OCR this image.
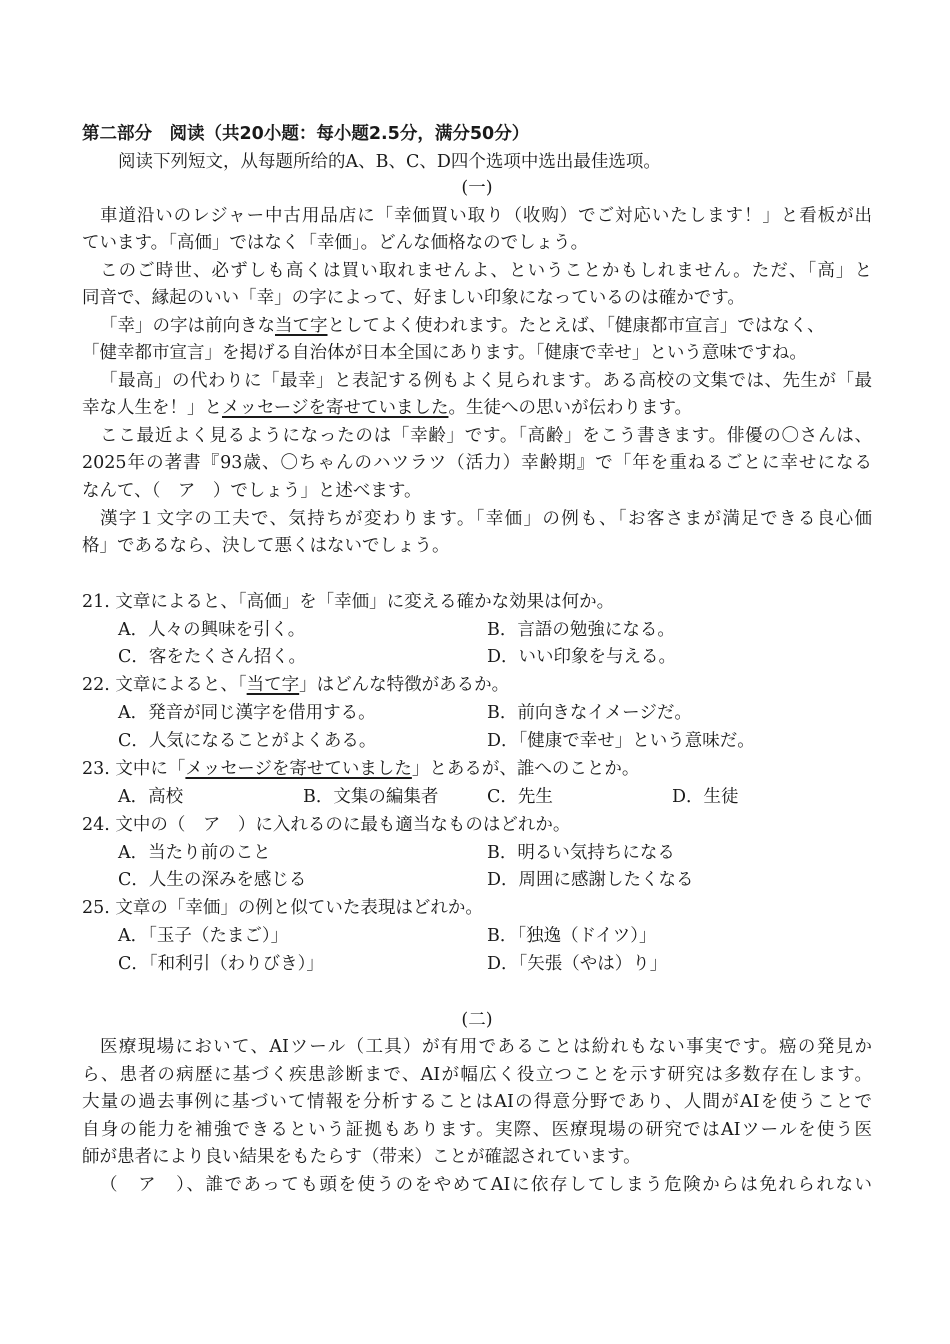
第二部分　阅读（共20小题：每小题2.5分，满分50分）
阅读下列短文，从每题所给的A、B、C、D四个选项中选出最佳选项。
(一)
車道沿いのレジャー中古用品店に「幸価買い取り（收购）でご対応いたします！」と看板が出
ています。「高価」ではなく「幸価」。どんな価格なのでしょう。
このご時世、必ずしも高くは買い取れませんよ、ということかもしれません。ただ、「高」と
同音で、縁起のいい「幸」の字によって、好ましい印象になっているのは確かです。
「幸」の字は前向きな当て字としてよく使われます。たとえば、「健康都市宣言」ではなく、
「健幸都市宣言」を掲げる自治体が日本全国にあります。「健康で幸せ」という意味ですね。
「最高」の代わりに「最幸」と表記する例もよく見られます。ある高校の文集では、先生が「最
幸な人生を！」とメッセージを寄せていました。生徒への思いが伝わります。
ここ最近よく見るようになったのは「幸齢」です。「高齢」をこう書きます。俳優の〇さんは、
2025年の著書『93歳、〇ちゃんのハツラツ（活力）幸齢期』で「年を重ねるごとに幸せになる
なんて、（　ア　）でしょう」と述べます。
漢字１文字の工夫で、気持ちが変わります。「幸価」の例も、「お客さまが満足できる良心価
格」であるなら、決して悪くはないでしょう。
21. 文章によると、「高価」を「幸価」に変える確かな効果は何か。
A．人々の興味を引く。	B．言語の勉強になる。
C．客をたくさん招く。	D．いい印象を与える。
22. 文章によると、「当て字」はどんな特徴があるか。
A．発音が同じ漢字を借用する。	B．前向きなイメージだ。
C．人気になることがよくある。	D．「健康で幸せ」という意味だ。
23. 文中に「メッセージを寄せていました」とあるが、誰へのことか。
A．高校	B．文集の編集者	C．先生	D．生徒
24. 文中の（　ア　）に入れるのに最も適当なものはどれか。
A．当たり前のこと	B．明るい気持ちになる
C．人生の深みを感じる	D．周囲に感謝したくなる
25. 文章の「幸価」の例と似ていた表現はどれか。
A．「玉子（たまご）」	B．「独逸（ドイツ）」
C．「和利引（わりびき）」	D．「矢張（やは）り」
(二)
医療現場において、AIツール（工具）が有用であることは紛れもない事実です。癌の発見か
ら、患者の病歴に基づく疾患診断まで、AIが幅広く役立つことを示す研究は多数存在します。
大量の過去事例に基づいて情報を分析することはAIの得意分野であり、人間がAIを使うことで
自身の能力を補強できるという証拠もあります。実際、医療現場の研究ではAIツールを使う医
師が患者により良い結果をもたらす（带来）ことが確認されています。
（　ア　）、誰であっても頭を使うのをやめてAIに依存してしまう危険からは免れられない
